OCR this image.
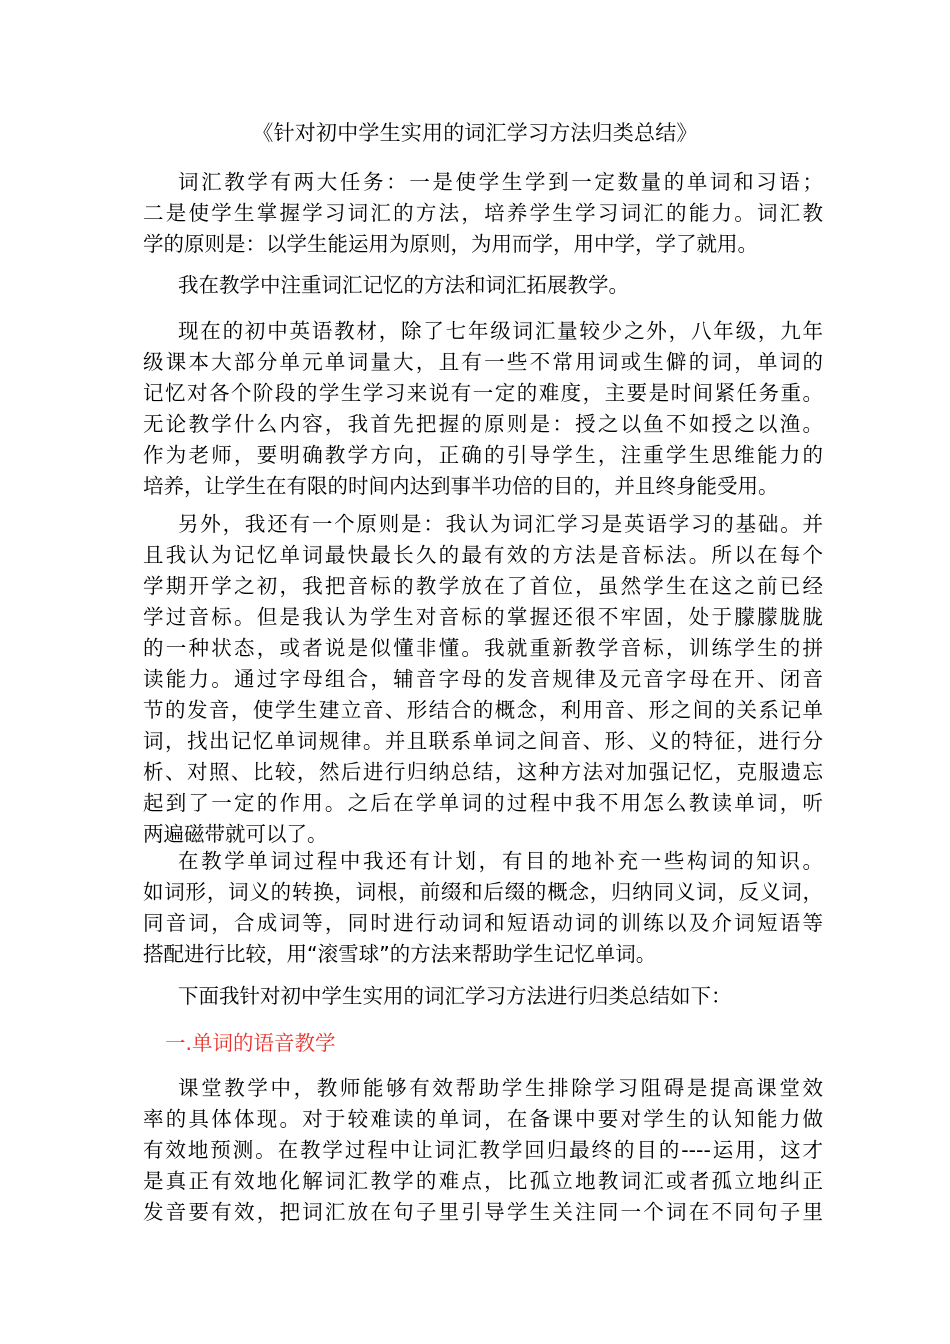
《针对初中学生实用的词汇学习方法归类总结》
词汇教学有两大任务：一是使学生学到一定数量的单词和习语；
二是使学生掌握学习词汇的方法，培养学生学习词汇的能力。词汇教
学的原则是：以学生能运用为原则，为用而学，用中学，学了就用。
我在教学中注重词汇记忆的方法和词汇拓展教学。
现在的初中英语教材，除了七年级词汇量较少之外，八年级，九年
级课本大部分单元单词量大，且有一些不常用词或生僻的词，单词的
记忆对各个阶段的学生学习来说有一定的难度，主要是时间紧任务重。
无论教学什么内容，我首先把握的原则是：授之以鱼不如授之以渔。
作为老师，要明确教学方向，正确的引导学生，注重学生思维能力的
培养，让学生在有限的时间内达到事半功倍的目的，并且终身能受用。
另外，我还有一个原则是：我认为词汇学习是英语学习的基础。并
且我认为记忆单词最快最长久的最有效的方法是音标法。所以在每个
学期开学之初，我把音标的教学放在了首位，虽然学生在这之前已经
学过音标。但是我认为学生对音标的掌握还很不牢固，处于朦朦胧胧
的一种状态，或者说是似懂非懂。我就重新教学音标，训练学生的拼
读能力。通过字母组合，辅音字母的发音规律及元音字母在开、闭音
节的发音，使学生建立音、形结合的概念，利用音、形之间的关系记单
词，找出记忆单词规律。并且联系单词之间音、形、义的特征，进行分
析、对照、比较，然后进行归纳总结，这种方法对加强记忆，克服遗忘
起到了一定的作用。之后在学单词的过程中我不用怎么教读单词，听
两遍磁带就可以了。
在教学单词过程中我还有计划，有目的地补充一些构词的知识。
如词形，词义的转换，词根，前缀和后缀的概念，归纳同义词，反义词，
同音词，合成词等，同时进行动词和短语动词的训练以及介词短语等
搭配进行比较，用“滚雪球”的方法来帮助学生记忆单词。
下面我针对初中学生实用的词汇学习方法进行归类总结如下：
一.单词的语音教学
课堂教学中，教师能够有效帮助学生排除学习阻碍是提高课堂效
率的具体体现。对于较难读的单词，在备课中要对学生的认知能力做
有效地预测。在教学过程中让词汇教学回归最终的目的----运用，这才
是真正有效地化解词汇教学的难点，比孤立地教词汇或者孤立地纠正
发音要有效，把词汇放在句子里引导学生关注同一个词在不同句子里
